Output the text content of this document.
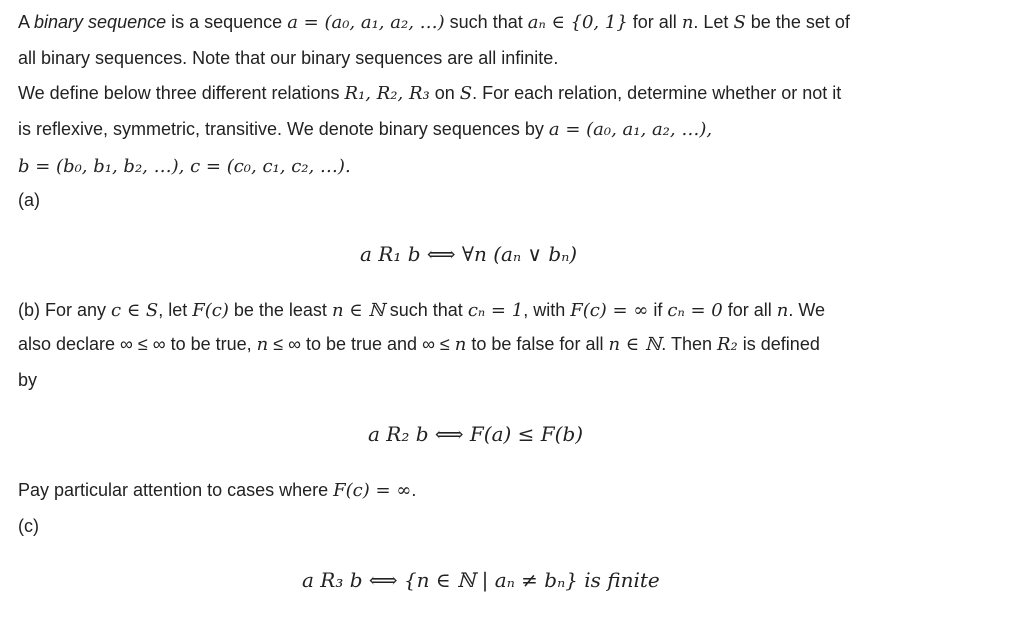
A binary sequence is a sequence a = (a₀, a₁, a₂, …) such that aₙ ∈ {0, 1} for all n. Let S be the set of
all binary sequences. Note that our binary sequences are all infinite.
We define below three different relations R₁, R₂, R₃ on S. For each relation, determine whether or not it
is reflexive, symmetric, transitive. We denote binary sequences by a = (a₀, a₁, a₂, …),
b = (b₀, b₁, b₂, …), c = (c₀, c₁, c₂, …).
(a)
a R₁ b ⟺ ∀n (aₙ ∨ bₙ)
(b) For any c ∈ S, let F(c) be the least n ∈ ℕ such that cₙ = 1, with F(c) = ∞ if cₙ = 0 for all n. We
also declare ∞ ≤ ∞ to be true, n ≤ ∞ to be true and ∞ ≤ n to be false for all n ∈ ℕ. Then R₂ is defined
by
a R₂ b ⟺ F(a) ≤ F(b)
Pay particular attention to cases where F(c) = ∞.
(c)
a R₃ b ⟺ {n ∈ ℕ | aₙ ≠ bₙ} is finite
